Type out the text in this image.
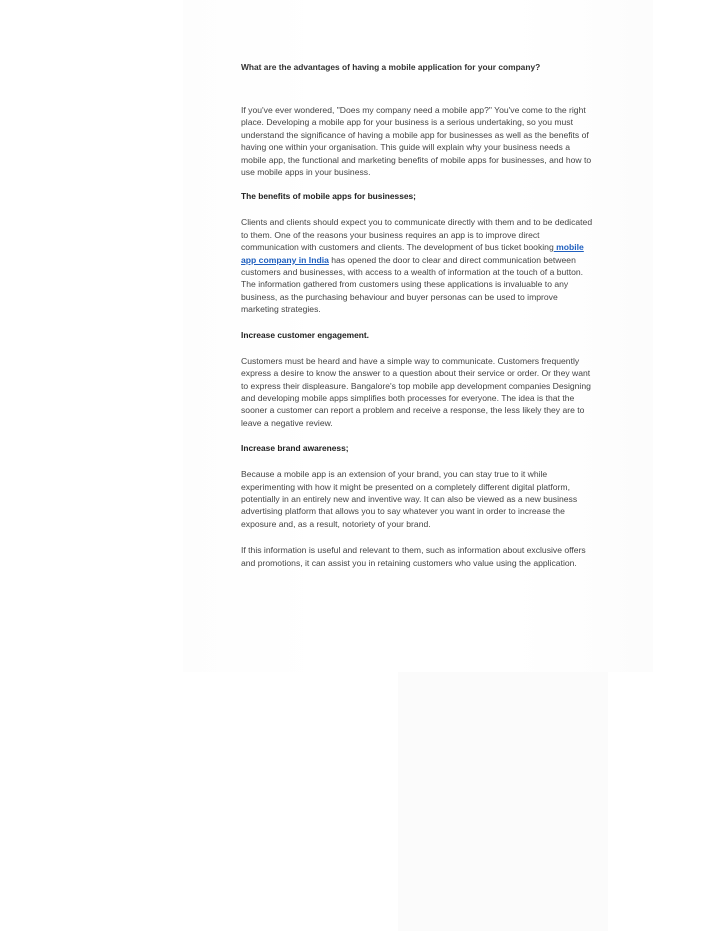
What are the advantages of having a mobile application for your company?

If you've ever wondered, "Does my company need a mobile app?" You've come to the right place. Developing a mobile app for your business is a serious undertaking, so you must understand the significance of having a mobile app for businesses as well as the benefits of having one within your organisation. This guide will explain why your business needs a mobile app, the functional and marketing benefits of mobile apps for businesses, and how to use mobile apps in your business.

The benefits of mobile apps for businesses;

Clients and clients should expect you to communicate directly with them and to be dedicated to them. One of the reasons your business requires an app is to improve direct communication with customers and clients. The development of bus ticket booking mobile app company in India has opened the door to clear and direct communication between customers and businesses, with access to a wealth of information at the touch of a button. The information gathered from customers using these applications is invaluable to any business, as the purchasing behaviour and buyer personas can be used to improve marketing strategies.

Increase customer engagement.

Customers must be heard and have a simple way to communicate. Customers frequently express a desire to know the answer to a question about their service or order. Or they want to express their displeasure. Bangalore's top mobile app development companies Designing and developing mobile apps simplifies both processes for everyone. The idea is that the sooner a customer can report a problem and receive a response, the less likely they are to leave a negative review.

Increase brand awareness;

Because a mobile app is an extension of your brand, you can stay true to it while experimenting with how it might be presented on a completely different digital platform, potentially in an entirely new and inventive way. It can also be viewed as a new business advertising platform that allows you to say whatever you want in order to increase the exposure and, as a result, notoriety of your brand.

If this information is useful and relevant to them, such as information about exclusive offers and promotions, it can assist you in retaining customers who value using the application.
